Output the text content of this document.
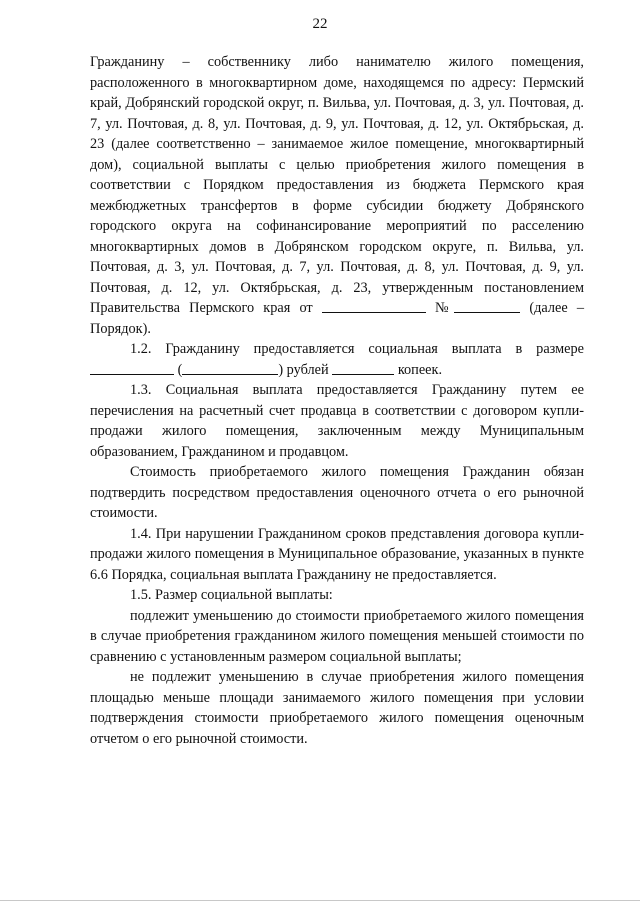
22

Гражданину – собственнику либо нанимателю жилого помещения, расположенного в многоквартирном доме, находящемся по адресу: Пермский край, Добрянский городской округ, п. Вильва, ул. Почтовая, д. 3, ул. Почтовая, д. 7, ул. Почтовая, д. 8, ул. Почтовая, д. 9, ул. Почтовая, д. 12, ул. Октябрьская, д. 23 (далее соответственно – занимаемое жилое помещение, многоквартирный дом), социальной выплаты с целью приобретения жилого помещения в соответствии с Порядком предоставления из бюджета Пермского края межбюджетных трансфертов в форме субсидии бюджету Добрянского городского округа на софинансирование мероприятий по расселению многоквартирных домов в Добрянском городском округе, п. Вильва, ул. Почтовая, д. 3, ул. Почтовая, д. 7, ул. Почтовая, д. 8, ул. Почтовая, д. 9, ул. Почтовая, д. 12, ул. Октябрьская, д. 23, утвержденным постановлением Правительства Пермского края от	№	(далее – Порядок).

1.2. Гражданину предоставляется социальная выплата в размере  (	) рублей	копеек.

1.3. Социальная выплата предоставляется Гражданину путем ее перечисления на расчетный счет продавца в соответствии с договором купли-продажи жилого помещения, заключенным между Муниципальным образованием, Гражданином и продавцом.

Стоимость приобретаемого жилого помещения Гражданин обязан подтвердить посредством предоставления оценочного отчета о его рыночной стоимости.

1.4. При нарушении Гражданином сроков представления договора купли-продажи жилого помещения в Муниципальное образование, указанных в пункте 6.6 Порядка, социальная выплата Гражданину не предоставляется.

1.5. Размер социальной выплаты:

подлежит уменьшению до стоимости приобретаемого жилого помещения в случае приобретения гражданином жилого помещения меньшей стоимости по сравнению с установленным размером социальной выплаты;

не подлежит уменьшению в случае приобретения жилого помещения площадью меньше площади занимаемого жилого помещения при условии подтверждения стоимости приобретаемого жилого помещения оценочным отчетом о его рыночной стоимости.
